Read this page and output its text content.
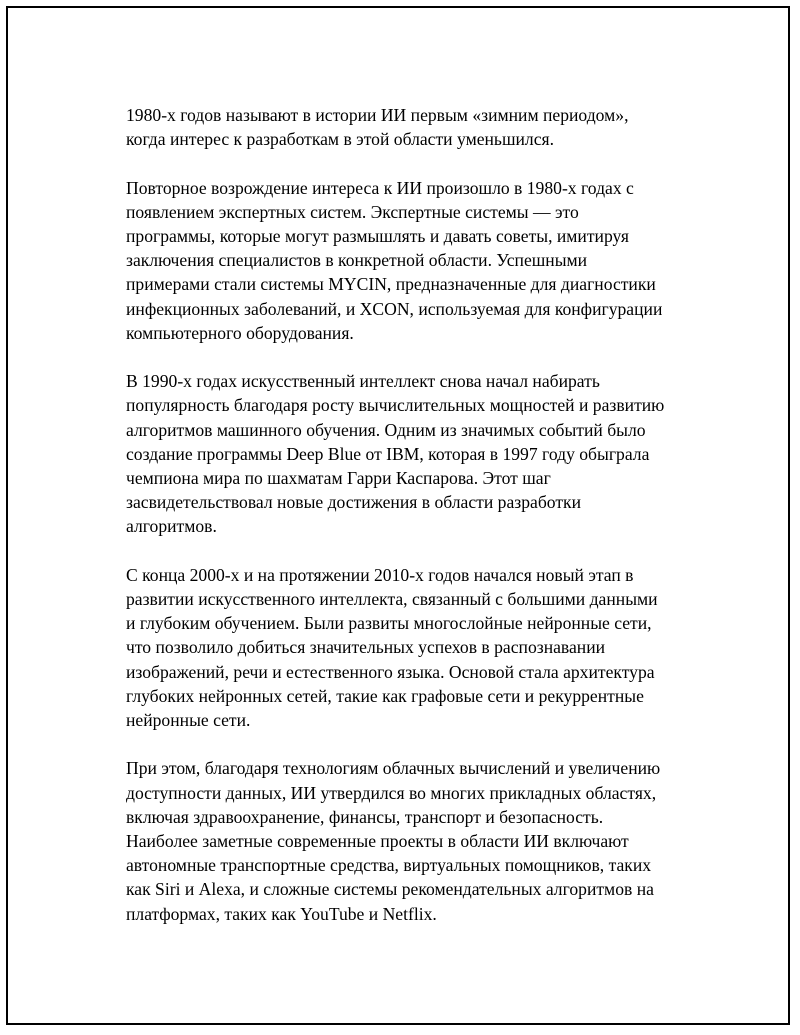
1980-х годов называют в истории ИИ первым «зимним периодом»,
когда интерес к разработкам в этой области уменьшился.

Повторное возрождение интереса к ИИ произошло в 1980-х годах с
появлением экспертных систем. Экспертные системы — это
программы, которые могут размышлять и давать советы, имитируя
заключения специалистов в конкретной области. Успешными
примерами стали системы MYCIN, предназначенные для диагностики
инфекционных заболеваний, и XCON, используемая для конфигурации
компьютерного оборудования.

В 1990-х годах искусственный интеллект снова начал набирать
популярность благодаря росту вычислительных мощностей и развитию
алгоритмов машинного обучения. Одним из значимых событий было
создание программы Deep Blue от IBM, которая в 1997 году обыграла
чемпиона мира по шахматам Гарри Каспарова. Этот шаг
засвидетельствовал новые достижения в области разработки
алгоритмов.

С конца 2000-х и на протяжении 2010-х годов начался новый этап в
развитии искусственного интеллекта, связанный с большими данными
и глубоким обучением. Были развиты многослойные нейронные сети,
что позволило добиться значительных успехов в распознавании
изображений, речи и естественного языка. Основой стала архитектура
глубоких нейронных сетей, такие как графовые сети и рекуррентные
нейронные сети.

При этом, благодаря технологиям облачных вычислений и увеличению
доступности данных, ИИ утвердился во многих прикладных областях,
включая здравоохранение, финансы, транспорт и безопасность.
Наиболее заметные современные проекты в области ИИ включают
автономные транспортные средства, виртуальных помощников, таких
как Siri и Alexa, и сложные системы рекомендательных алгоритмов на
платформах, таких как YouTube и Netflix.
